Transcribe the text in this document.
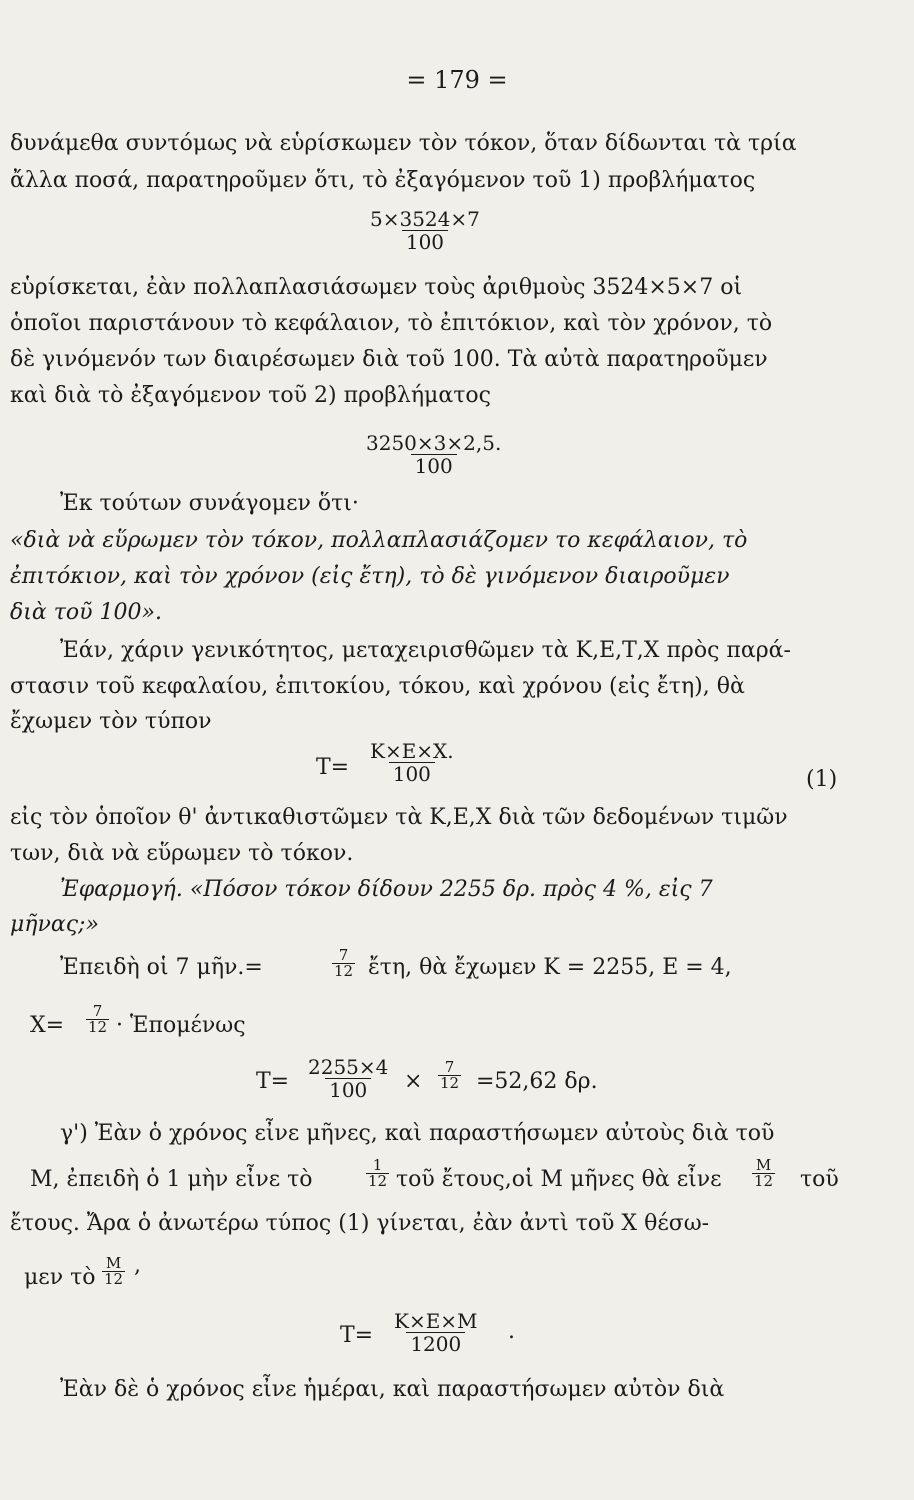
= 179 =
δυνάμεθα συντόμως νὰ εὑρίσκωμεν τὸν τόκον, ὅταν δίδωνται τὰ τρία
ἄλλα ποσά, παρατηροῦμεν ὅτι, τὸ ἐξαγόμενον τοῦ 1) προβλήματος
$\frac{5\times 3524\times 7}{100}$
εὑρίσκεται, ἐὰν πολλαπλασιάσωμεν τοὺς ἀριθμοὺς 3524×5×7 οἱ
ὁποῖοι παριστάνουν τὸ κεφάλαιον, τὸ ἐπιτόκιον, καὶ τὸν χρόνον, τὸ
δὲ γινόμενόν των διαιρέσωμεν διὰ τοῦ 100. Τὰ αὐτὰ παρατηροῦμεν
καὶ διὰ τὸ ἐξαγόμενον τοῦ 2) προβλήματος
$\frac{3250\times 3\times 2,5.}{100}$
Ἐκ τούτων συνάγομεν ὅτι·
«διὰ νὰ εὕρωμεν τὸν τόκον, πολλαπλασιάζομεν το κεφάλαιον, τὸ
ἐπιτόκιον, καὶ τὸν χρόνον (εἰς ἔτη), τὸ δὲ γινόμενον διαιροῦμεν
διὰ τοῦ 100».
Ἐάν, χάριν γενικότητος, μεταχειρισθῶμεν τὰ Κ,Ε,Τ,Χ πρὸς παρά-
στασιν τοῦ κεφαλαίου, ἐπιτοκίου, τόκου, καὶ χρόνου (εἰς ἔτη), θὰ
ἔχωμεν τὸν τύπον
$T= \frac{K\times E\times X.}{100}$	(1)
εἰς τὸν ὁποῖον θ' ἀντικαθιστῶμεν τὰ Κ,Ε,Χ διὰ τῶν δεδομένων τιμῶν
των, διὰ νὰ εὕρωμεν τὸ τόκον.
Ἐφαρμογή. «Πόσον τόκον δίδουν 2255 δρ. πρὸς 4 %, εἰς 7
μῆνας;»
Ἐπειδὴ οἱ 7 μῆν.=	$\frac{7}{12}$ ἔτη, θὰ ἔχωμεν Κ = 2255, Ε = 4,
$X= \frac{7}{12}$ · Ἑπομένως
$T= \frac{2255\times 4}{100} \times \frac{7}{12} =52,62$ δρ.
γ') Ἐὰν ὁ χρόνος εἶνε μῆνες, καὶ παραστήσωμεν αὐτοὺς διὰ τοῦ
Μ, ἐπειδὴ ὁ 1 μὴν εἶνε τὸ	$\frac{1}{12}$ τοῦ ἔτους,οἱ Μ μῆνες θὰ εἶνε $\frac{M}{12}$ τοῦ
ἔτους. Ἄρα ὁ ἀνωτέρω τύπος (1) γίνεται, ἐὰν ἀντὶ τοῦ Χ θέσω-
μεν τὸ $\frac{M}{12}$ ,
$T= \frac{K\times E\times M}{1200}$ .
Ἐὰν δὲ ὁ χρόνος εἶνε ἡμέραι, καὶ παραστήσωμεν αὐτὸν διὰ
